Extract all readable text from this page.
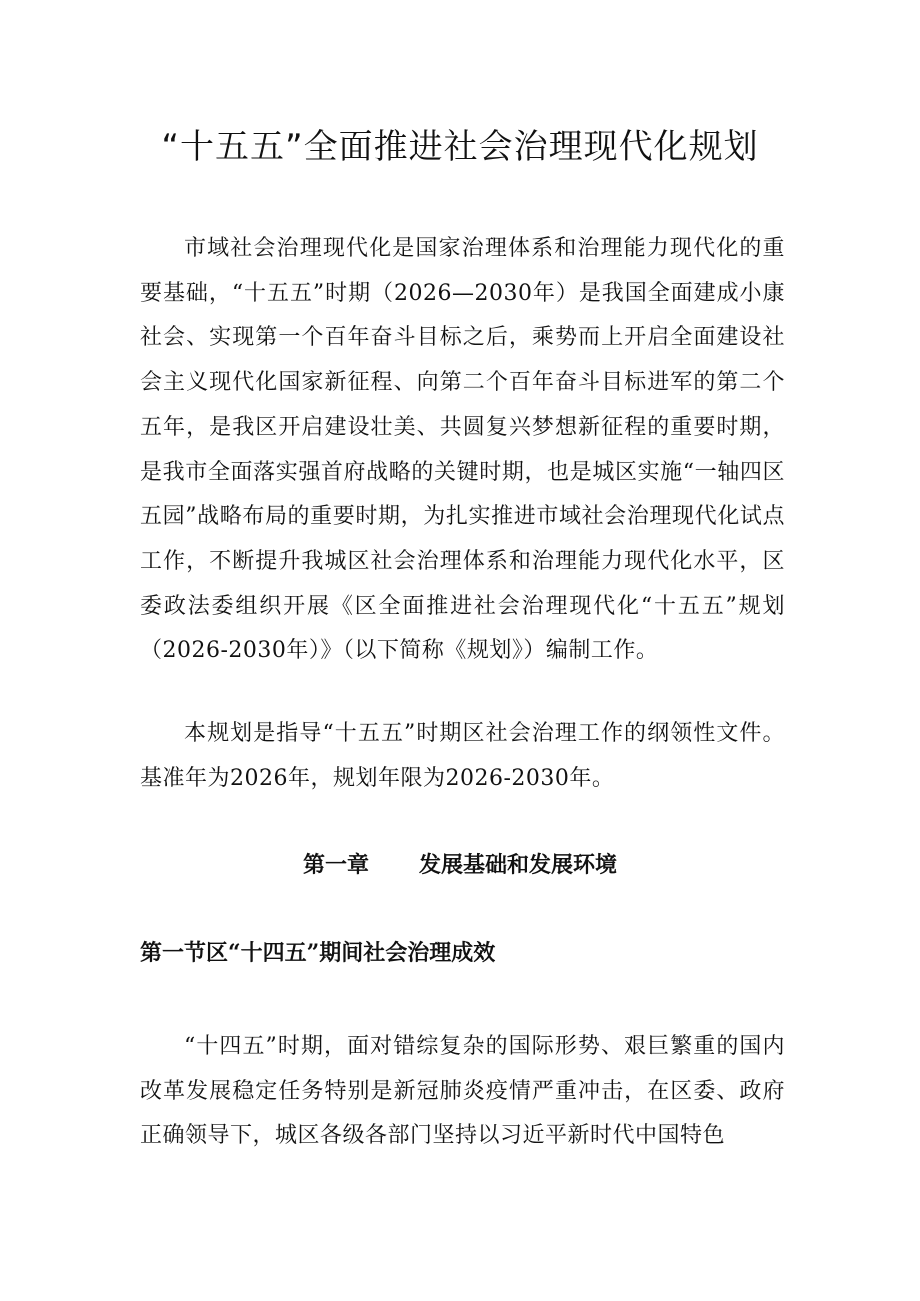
“十五五”全面推进社会治理现代化规划

市域社会治理现代化是国家治理体系和治理能力现代化的重要基础，“十五五”时期（2026—2030年）是我国全面建成小康社会、实现第一个百年奋斗目标之后，乘势而上开启全面建设社会主义现代化国家新征程、向第二个百年奋斗目标进军的第二个五年，是我区开启建设壮美、共圆复兴梦想新征程的重要时期，是我市全面落实强首府战略的关键时期，也是城区实施“一轴四区五园”战略布局的重要时期，为扎实推进市域社会治理现代化试点工作，不断提升我城区社会治理体系和治理能力现代化水平，区委政法委组织开展《区全面推进社会治理现代化“十五五”规划（2026-2030年）》（以下简称《规划》）编制工作。

本规划是指导“十五五”时期区社会治理工作的纲领性文件。基准年为2026年，规划年限为2026-2030年。

第一章 发展基础和发展环境
第一节区“十四五”期间社会治理成效

“十四五”时期，面对错综复杂的国际形势、艰巨繁重的国内改革发展稳定任务特别是新冠肺炎疫情严重冲击，在区委、政府正确领导下，城区各级各部门坚持以习近平新时代中国特色
